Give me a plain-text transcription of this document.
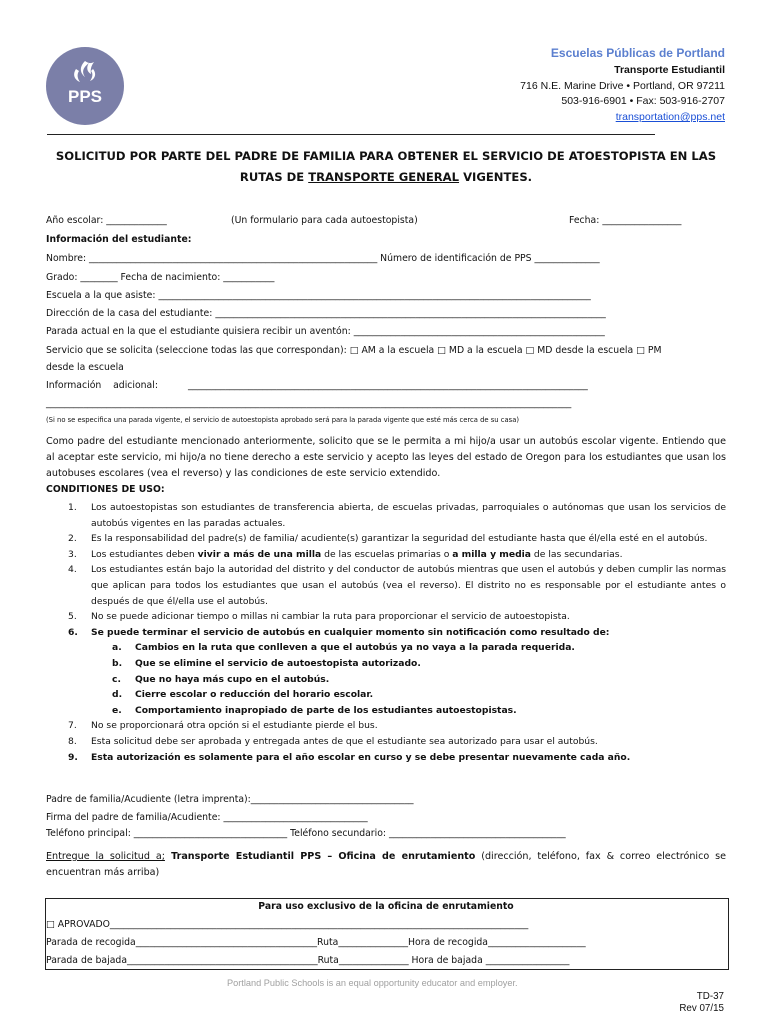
PPS
Escuelas Públicas de Portland
Transporte Estudiantil
716 N.E. Marine Drive • Portland, OR 97211
503-916-6901 • Fax: 503-916-2707
transportation@pps.net
SOLICITUD POR PARTE DEL PADRE DE FAMILIA PARA OBTENER EL SERVICIO DE ATOESTOPISTA EN LAS
RUTAS DE TRANSPORTE GENERAL VIGENTES.
Año escolar: _____________	(Un formulario para cada autoestopista)	Fecha: _________________
Información del estudiante:
Nombre: ______________________________________________________________ Número de identificación de PPS ______________
Grado: ________ Fecha de nacimiento: ___________
Escuela a la que asiste: _____________________________________________________________________________________________
Dirección de la casa del estudiante: ____________________________________________________________________________________
Parada actual en la que el estudiante quisiera recibir un aventón: ______________________________________________________
Servicio que se solicita (seleccione todas las que correspondan): □ AM a la escuela □ MD a la escuela □ MD desde la escuela □ PM
desde la escuela
Información    adicional:	______________________________________________________________________________________
_________________________________________________________________________________________________________________
(Si no se especifica una parada vigente, el servicio de autoestopista aprobado será para la parada vigente que esté más cerca de su casa)
Como padre del estudiante mencionado anteriormente, solicito que se le permita a mi hijo/a usar un autobús escolar vigente. Entiendo que al aceptar este servicio, mi hijo/a no tiene derecho a este servicio y acepto las leyes del estado de Oregon para los estudiantes que usan los autobuses escolares (vea el reverso) y las condiciones de este servicio extendido.
CONDITIONES DE USO:
1. Los autoestopistas son estudiantes de transferencia abierta, de escuelas privadas, parroquiales o autónomas que usan los servicios de autobús vigentes en las paradas actuales.
2. Es la responsabilidad del padre(s) de familia/ acudiente(s) garantizar la seguridad del estudiante hasta que él/ella esté en el autobús.
3. Los estudiantes deben vivir a más de una milla de las escuelas primarias o a milla y media de las secundarias.
4. Los estudiantes están bajo la autoridad del distrito y del conductor de autobús mientras que usen el autobús y deben cumplir las normas que aplican para todos los estudiantes que usan el autobús (vea el reverso). El distrito no es responsable por el estudiante antes o después de que él/ella use el autobús.
5. No se puede adicionar tiempo o millas ni cambiar la ruta para proporcionar el servicio de autoestopista.
6. Se puede terminar el servicio de autobús en cualquier momento sin notificación como resultado de:
a. Cambios en la ruta que conlleven a que el autobús ya no vaya a la parada requerida.
b. Que se elimine el servicio de autoestopista autorizado.
c. Que no haya más cupo en el autobús.
d. Cierre escolar o reducción del horario escolar.
e. Comportamiento inapropiado de parte de los estudiantes autoestopistas.
7. No se proporcionará otra opción si el estudiante pierde el bus.
8. Esta solicitud debe ser aprobada y entregada antes de que el estudiante sea autorizado para usar el autobús.
9. Esta autorización es solamente para el año escolar en curso y se debe presentar nuevamente cada año.
Padre de familia/Acudiente (letra imprenta):___________________________________
Firma del padre de familia/Acudiente: _______________________________
Teléfono principal: _________________________________ Teléfono secundario: ______________________________________
Entregue la solicitud a; Transporte Estudiantil PPS – Oficina de enrutamiento (dirección, teléfono, fax & correo electrónico se encuentran más arriba)
Para uso exclusivo de la oficina de enrutamiento
□ APROVADO__________________________________________________________________________________________
Parada de recogida_______________________________________Ruta_______________Hora de recogida_____________________
Parada de bajada_________________________________________Ruta_______________ Hora de bajada __________________
Portland Public Schools is an equal opportunity educator and employer.
TD-37
Rev 07/15
